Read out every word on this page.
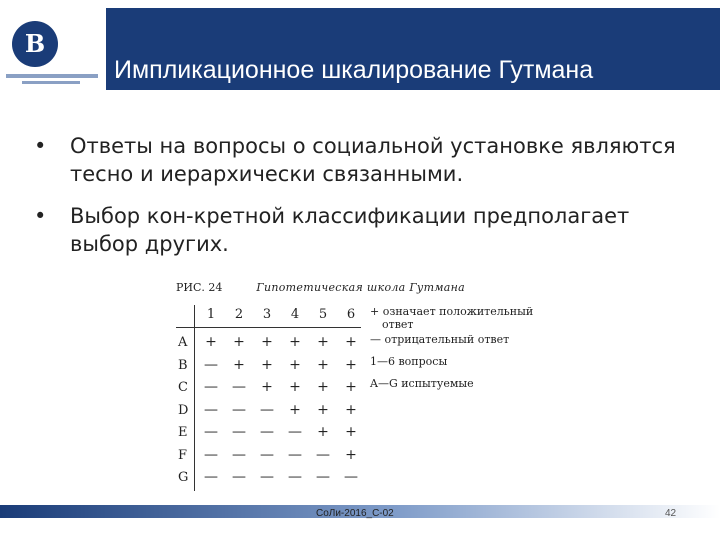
В
Импликационное шкалирование Гутмана
• Ответы на вопросы о социальной установке являются тесно и иерархически связанными.
• Выбор кон-кретной классификации предполагает выбор других.
РИС. 24	Гипотетическая школа Гутмана
1	2	3	4	5	6
A + + + + + +
B — + + + + +
C — — + + + +
D — — — + + +
E — — — — + +
F — — — — — +
G — — — — — —
+ означает положительный
ответ
— отрицательный ответ
1—6 вопросы
A—G испытуемые
СоЛи-2016_С-02	42
